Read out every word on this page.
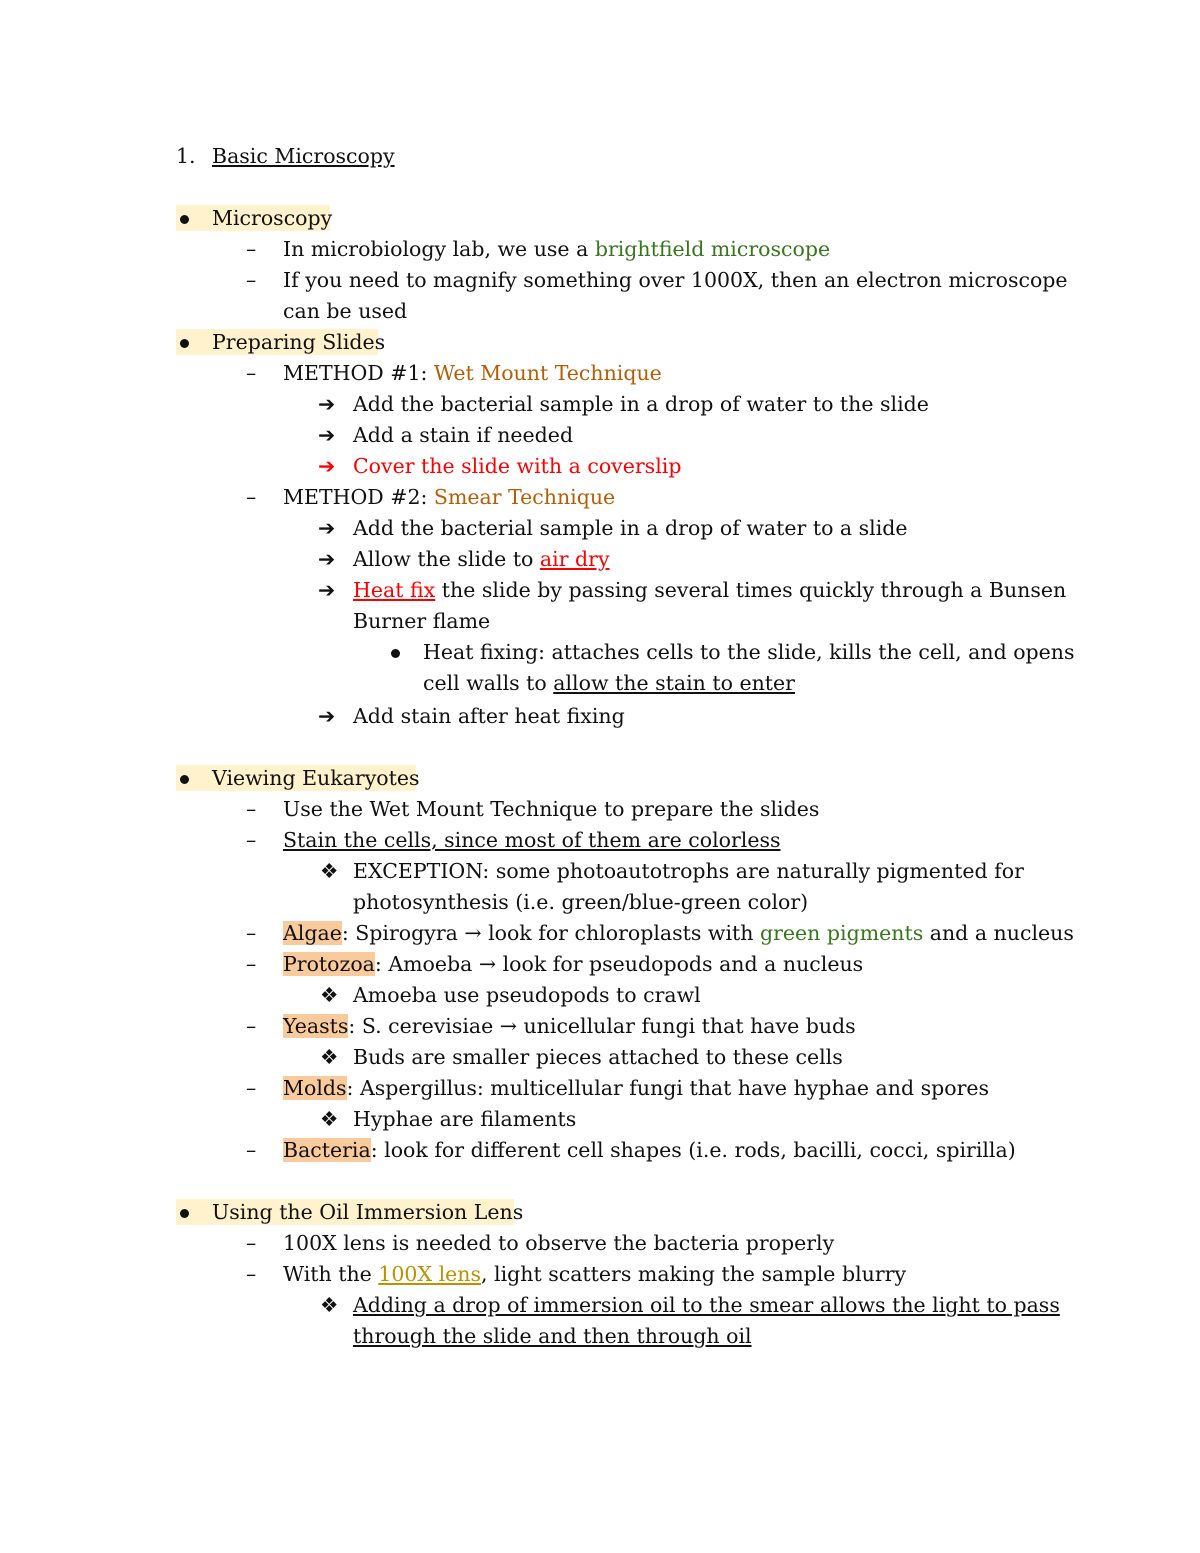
1. Basic Microscopy
Microscopy
– In microbiology lab, we use a brightfield microscope
– If you need to magnify something over 1000X, then an electron microscope
can be used
Preparing Slides
– METHOD #1: Wet Mount Technique
➔ Add the bacterial sample in a drop of water to the slide
➔ Add a stain if needed
➔ Cover the slide with a coverslip
– METHOD #2: Smear Technique
➔ Add the bacterial sample in a drop of water to a slide
➔ Allow the slide to air dry
➔ Heat fix the slide by passing several times quickly through a Bunsen
Burner flame
Heat fixing: attaches cells to the slide, kills the cell, and opens
cell walls to allow the stain to enter
➔ Add stain after heat fixing
Viewing Eukaryotes
– Use the Wet Mount Technique to prepare the slides
– Stain the cells, since most of them are colorless
❖ EXCEPTION: some photoautotrophs are naturally pigmented for
photosynthesis (i.e. green/blue-green color)
– Algae: Spirogyra → look for chloroplasts with green pigments and a nucleus
– Protozoa: Amoeba → look for pseudopods and a nucleus
❖ Amoeba use pseudopods to crawl
– Yeasts: S. cerevisiae → unicellular fungi that have buds
❖ Buds are smaller pieces attached to these cells
– Molds: Aspergillus: multicellular fungi that have hyphae and spores
❖ Hyphae are filaments
– Bacteria: look for different cell shapes (i.e. rods, bacilli, cocci, spirilla)
Using the Oil Immersion Lens
– 100X lens is needed to observe the bacteria properly
– With the 100X lens, light scatters making the sample blurry
❖ Adding a drop of immersion oil to the smear allows the light to pass
through the slide and then through oil
